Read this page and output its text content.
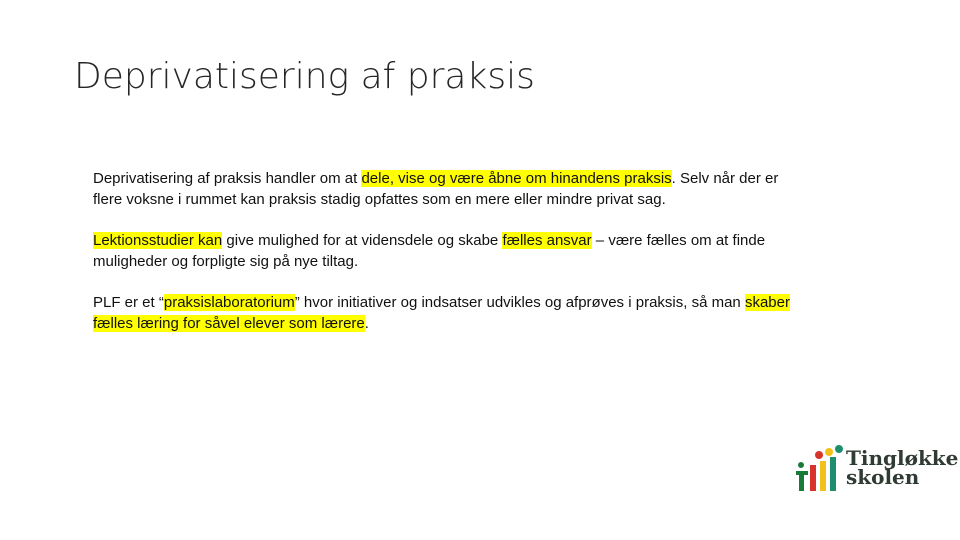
Deprivatisering af praksis

Deprivatisering af praksis handler om at dele, vise og være åbne om hinandens praksis. Selv når der er flere voksne i rummet kan praksis stadig opfattes som en mere eller mindre privat sag.

Lektionsstudier kan give mulighed for at vidensdele og skabe fælles ansvar – være fælles om at finde muligheder og forpligte sig på nye tiltag.

PLF er et “praksislaboratorium” hvor initiativer og indsatser udvikles og afprøves i praksis, så man skaber fælles læring for såvel elever som lærere.

Tingløkke
skolen
